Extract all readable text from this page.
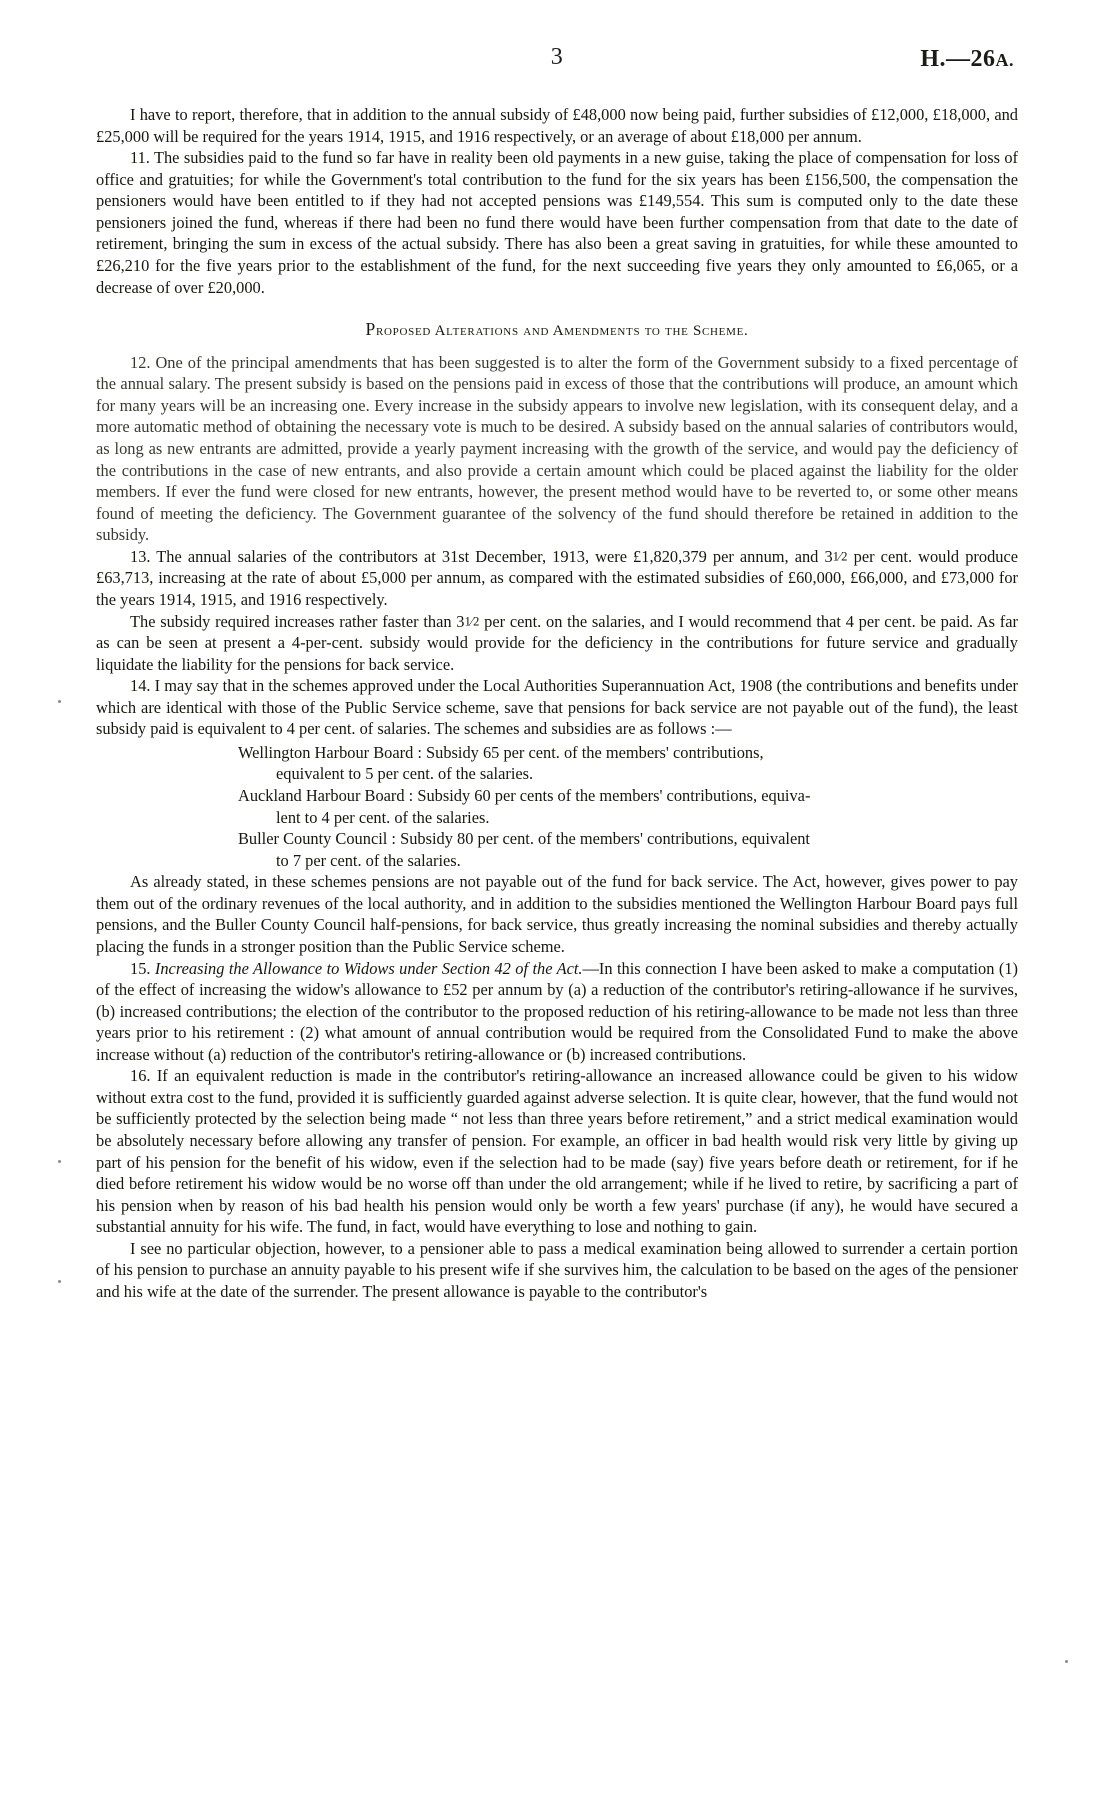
3	H.—26A.

I have to report, therefore, that in addition to the annual subsidy of £48,000 now being paid, further subsidies of £12,000, £18,000, and £25,000 will be required for the years 1914, 1915, and 1916 respectively, or an average of about £18,000 per annum.

11. The subsidies paid to the fund so far have in reality been old payments in a new guise, taking the place of compensation for loss of office and gratuities; for while the Government's total contribution to the fund for the six years has been £156,500, the compensation the pensioners would have been entitled to if they had not accepted pensions was £149,554. This sum is computed only to the date these pensioners joined the fund, whereas if there had been no fund there would have been further compensation from that date to the date of retirement, bringing the sum in excess of the actual subsidy. There has also been a great saving in gratuities, for while these amounted to £26,210 for the five years prior to the establishment of the fund, for the next succeeding five years they only amounted to £6,065, or a decrease of over £20,000.

Proposed Alterations and Amendments to the Scheme.

12. One of the principal amendments that has been suggested is to alter the form of the Government subsidy to a fixed percentage of the annual salary. The present subsidy is based on the pensions paid in excess of those that the contributions will produce, an amount which for many years will be an increasing one. Every increase in the subsidy appears to involve new legislation, with its consequent delay, and a more automatic method of obtaining the necessary vote is much to be desired. A subsidy based on the annual salaries of contributors would, as long as new entrants are admitted, provide a yearly payment increasing with the growth of the service, and would pay the deficiency of the contributions in the case of new entrants, and also provide a certain amount which could be placed against the liability for the older members. If ever the fund were closed for new entrants, however, the present method would have to be reverted to, or some other means found of meeting the deficiency. The Government guarantee of the solvency of the fund should therefore be retained in addition to the subsidy.

13. The annual salaries of the contributors at 31st December, 1913, were £1,820,379 per annum, and 31⁄2 per cent. would produce £63,713, increasing at the rate of about £5,000 per annum, as compared with the estimated subsidies of £60,000, £66,000, and £73,000 for the years 1914, 1915, and 1916 respectively.

The subsidy required increases rather faster than 31⁄2 per cent. on the salaries, and I would recommend that 4 per cent. be paid. As far as can be seen at present a 4-per-cent. subsidy would provide for the deficiency in the contributions for future service and gradually liquidate the liability for the pensions for back service.

14. I may say that in the schemes approved under the Local Authorities Superannuation Act, 1908 (the contributions and benefits under which are identical with those of the Public Service scheme, save that pensions for back service are not payable out of the fund), the least subsidy paid is equivalent to 4 per cent. of salaries. The schemes and subsidies are as follows :—

Wellington Harbour Board : Subsidy 65 per cent. of the members' contributions,
equivalent to 5 per cent. of the salaries.

Auckland Harbour Board : Subsidy 60 per cents of the members' contributions, equiva-
lent to 4 per cent. of the salaries.

Buller County Council : Subsidy 80 per cent. of the members' contributions, equivalent
to 7 per cent. of the salaries.

As already stated, in these schemes pensions are not payable out of the fund for back service. The Act, however, gives power to pay them out of the ordinary revenues of the local authority, and in addition to the subsidies mentioned the Wellington Harbour Board pays full pensions, and the Buller County Council half-pensions, for back service, thus greatly increasing the nominal subsidies and thereby actually placing the funds in a stronger position than the Public Service scheme.

15. Increasing the Allowance to Widows under Section 42 of the Act.—In this connection I have been asked to make a computation (1) of the effect of increasing the widow's allowance to £52 per annum by (a) a reduction of the contributor's retiring-allowance if he survives, (b) increased contributions; the election of the contributor to the proposed reduction of his retiring-allowance to be made not less than three years prior to his retirement : (2) what amount of annual contribution would be required from the Consolidated Fund to make the above increase without (a) reduction of the contributor's retiring-allowance or (b) increased contributions.

16. If an equivalent reduction is made in the contributor's retiring-allowance an increased allowance could be given to his widow without extra cost to the fund, provided it is sufficiently guarded against adverse selection. It is quite clear, however, that the fund would not be sufficiently protected by the selection being made “ not less than three years before retirement,” and a strict medical examination would be absolutely necessary before allowing any transfer of pension. For example, an officer in bad health would risk very little by giving up part of his pension for the benefit of his widow, even if the selection had to be made (say) five years before death or retirement, for if he died before retirement his widow would be no worse off than under the old arrangement; while if he lived to retire, by sacrificing a part of his pension when by reason of his bad health his pension would only be worth a few years' purchase (if any), he would have secured a substantial annuity for his wife. The fund, in fact, would have everything to lose and nothing to gain.

I see no particular objection, however, to a pensioner able to pass a medical examination being allowed to surrender a certain portion of his pension to purchase an annuity payable to his present wife if she survives him, the calculation to be based on the ages of the pensioner and his wife at the date of the surrender. The present allowance is payable to the contributor's
